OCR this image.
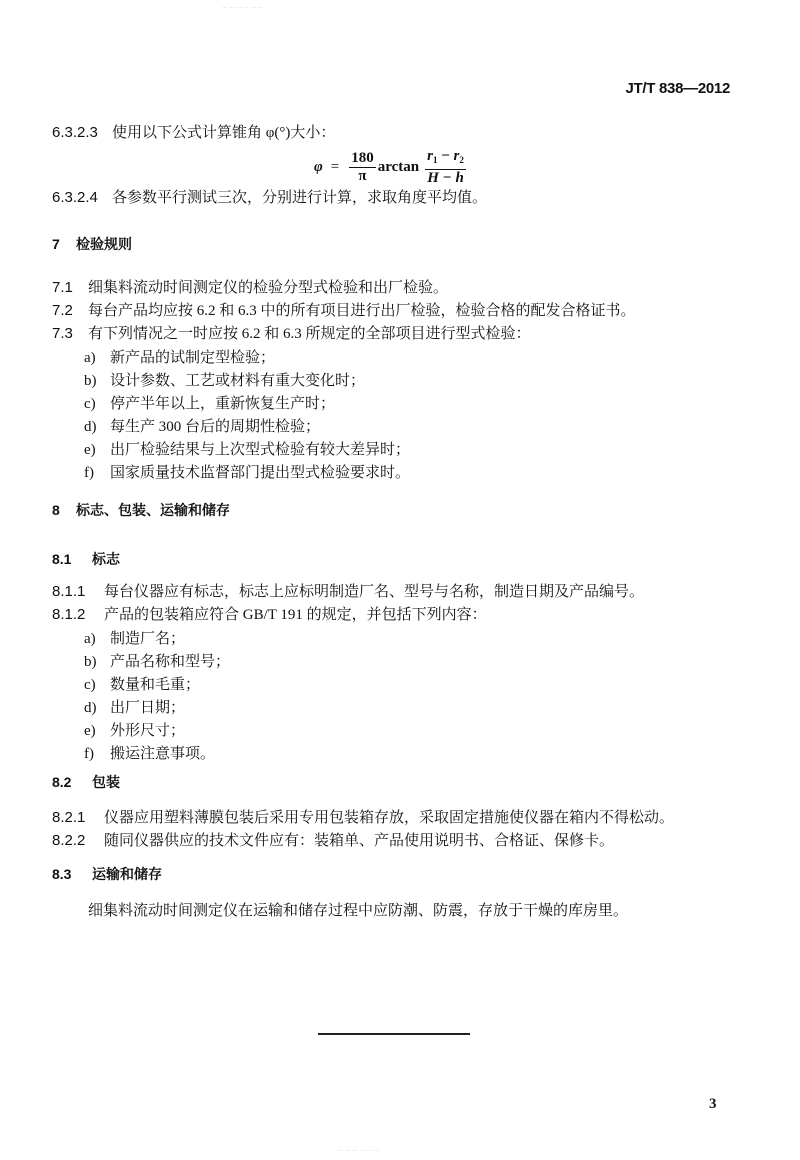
··· ··· ··· ··· ··· ···
JT/T 838—2012
6.3.2.3 使用以下公式计算锥角 φ(°)大小：
$\varphi = \frac{180}{\pi}$ $\arctan \frac{r_1 - r_2}{H - h}$
6.3.2.4 各参数平行测试三次，分别进行计算，求取角度平均值。
7 检验规则
7.1 细集料流动时间测定仪的检验分型式检验和出厂检验。
7.2 每台产品均应按 6.2 和 6.3 中的所有项目进行出厂检验，检验合格的配发合格证书。
7.3 有下列情况之一时应按 6.2 和 6.3 所规定的全部项目进行型式检验：
a) 新产品的试制定型检验；
b) 设计参数、工艺或材料有重大变化时；
c) 停产半年以上，重新恢复生产时；
d) 每生产 300 台后的周期性检验；
e) 出厂检验结果与上次型式检验有较大差异时；
f) 国家质量技术监督部门提出型式检验要求时。
8 标志、包装、运输和储存
8.1 标志
8.1.1 每台仪器应有标志，标志上应标明制造厂名、型号与名称，制造日期及产品编号。
8.1.2 产品的包装箱应符合 GB/T 191 的规定，并包括下列内容：
a) 制造厂名；
b) 产品名称和型号；
c) 数量和毛重；
d) 出厂日期；
e) 外形尺寸；
f) 搬运注意事项。
8.2 包装
8.2.1 仪器应用塑料薄膜包装后采用专用包装箱存放，采取固定措施使仪器在箱内不得松动。
8.2.2 随同仪器供应的技术文件应有：装箱单、产品使用说明书、合格证、保修卡。
8.3 运输和储存
细集料流动时间测定仪在运输和储存过程中应防潮、防震，存放于干燥的库房里。
3
··· ··· ··· ··· ··· ···
